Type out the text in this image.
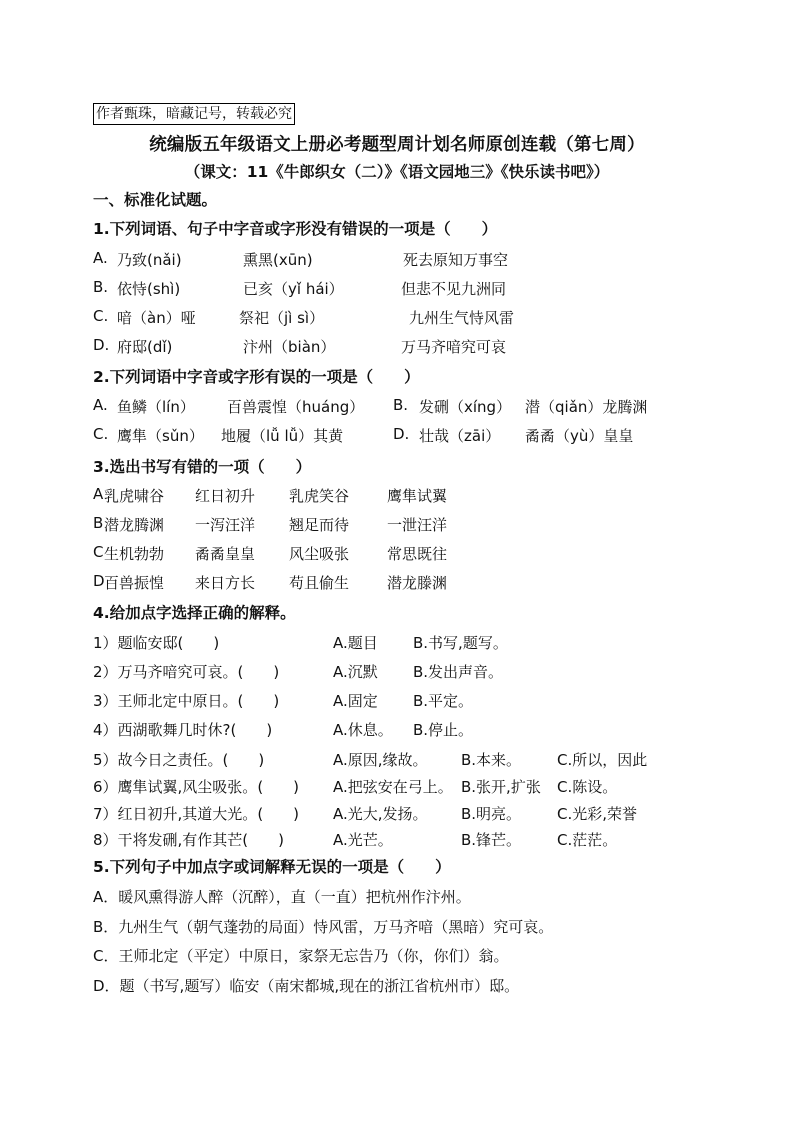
作者甄珠，暗藏记号，转载必究
统编版五年级语文上册必考题型周计划名师原创连载（第七周）
（课文：11《牛郎织女（二）》《语文园地三》《快乐读书吧》）
一、标准化试题。
1.下列词语、句子中字音或字形没有错误的一项是（　　）
A. 乃致(nǎi)	熏黑(xūn)	死去原知万事空
B. 依恃(shì)	已亥（yǐ hái）	但悲不见九洲同
C. 喑（àn）哑	祭祀（jì sì）	九州生气恃风雷
D. 府邸(dǐ)	汴州（biàn）	万马齐喑究可哀
2.下列词语中字音或字形有误的一项是（　　）
A. 鱼鳞（lín） 百兽震惶（huáng） B. 发硎（xíng） 潜（qiǎn）龙腾渊
C. 鹰隼（sǔn） 地履（lǚ lǚ）其黄	D. 壮哉（zāi） 矞矞（yù）皇皇
3.选出书写有错的一项（　　）
A 乳虎啸谷 红日初升 乳虎笑谷	鹰隼试翼
B 潜龙腾渊 一泻汪洋 翘足而待	一泄汪洋
C 生机勃勃 矞矞皇皇 风尘吸张	常思既往
D 百兽振惶 来日方长 苟且偷生	潜龙滕渊
4.给加点字选择正确的解释。
1）题临安邸(　　)	A.题目 B.书写,题写。
2）万马齐喑究可哀。(　　)	A.沉默 B.发出声音。
3）王师北定中原日。(　　)	A.固定 B.平定。
4）西湖歌舞几时休?(　　)	A.休息。 B.停止。
5）故今日之责任。(　　)	A.原因,缘故。 B.本来。 C.所以，因此
6）鹰隼试翼,风尘吸张。(　　) A.把弦安在弓上。 B.张开,扩张 C.陈设。
7）红日初升,其道大光。(　　) A.光大,发扬。 B.明亮。 C.光彩,荣誉
8）干将发硎,有作其芒(　　)	A.光芒。	B.锋芒。 C.茫茫。
5.下列句子中加点字或词解释无误的一项是（　　）
A．暖风熏得游人醉（沉醉），直（一直）把杭州作汴州。
B．九州生气（朝气蓬勃的局面）恃风雷，万马齐喑（黑暗）究可哀。
C．王师北定（平定）中原日，家祭无忘告乃（你，你们）翁。
D．题（书写,题写）临安（南宋都城,现在的浙江省杭州市）邸。
